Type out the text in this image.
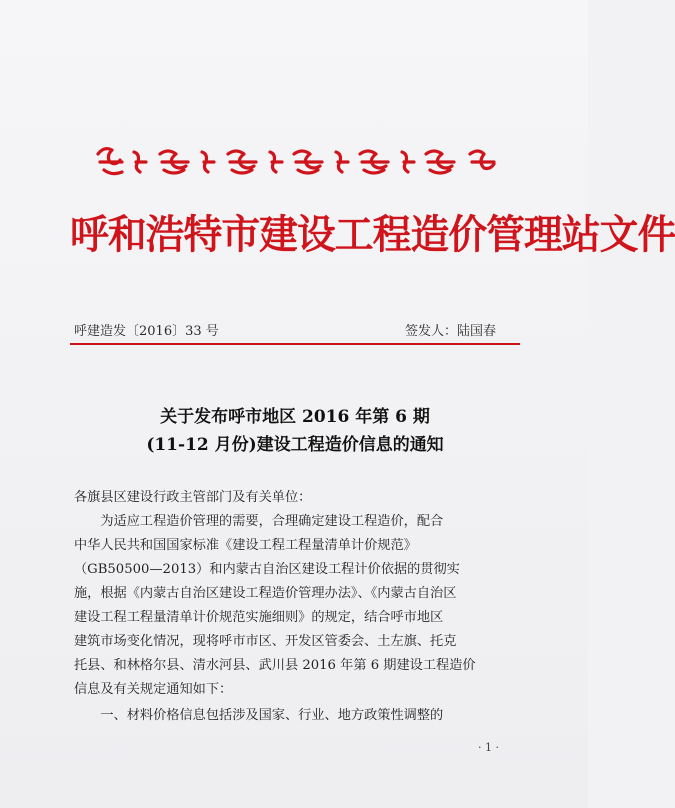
呼和浩特市建设工程造价管理站文件
呼建造发〔2016〕33 号	签发人：陆国春
关于发布呼市地区 2016 年第 6 期
(11-12 月份)建设工程造价信息的通知
各旗县区建设行政主管部门及有关单位：
　　为适应工程造价管理的需要，合理确定建设工程造价，配合
中华人民共和国国家标准《建设工程工程量清单计价规范》
（GB50500—2013）和内蒙古自治区建设工程计价依据的贯彻实
施，根据《内蒙古自治区建设工程造价管理办法》、《内蒙古自治区
建设工程工程量清单计价规范实施细则》的规定，结合呼市地区
建筑市场变化情况，现将呼市市区、开发区管委会、土左旗、托克
托县、和林格尔县、清水河县、武川县 2016 年第 6 期建设工程造价
信息及有关规定通知如下：
　　一、材料价格信息包括涉及国家、行业、地方政策性调整的
· 1 ·
